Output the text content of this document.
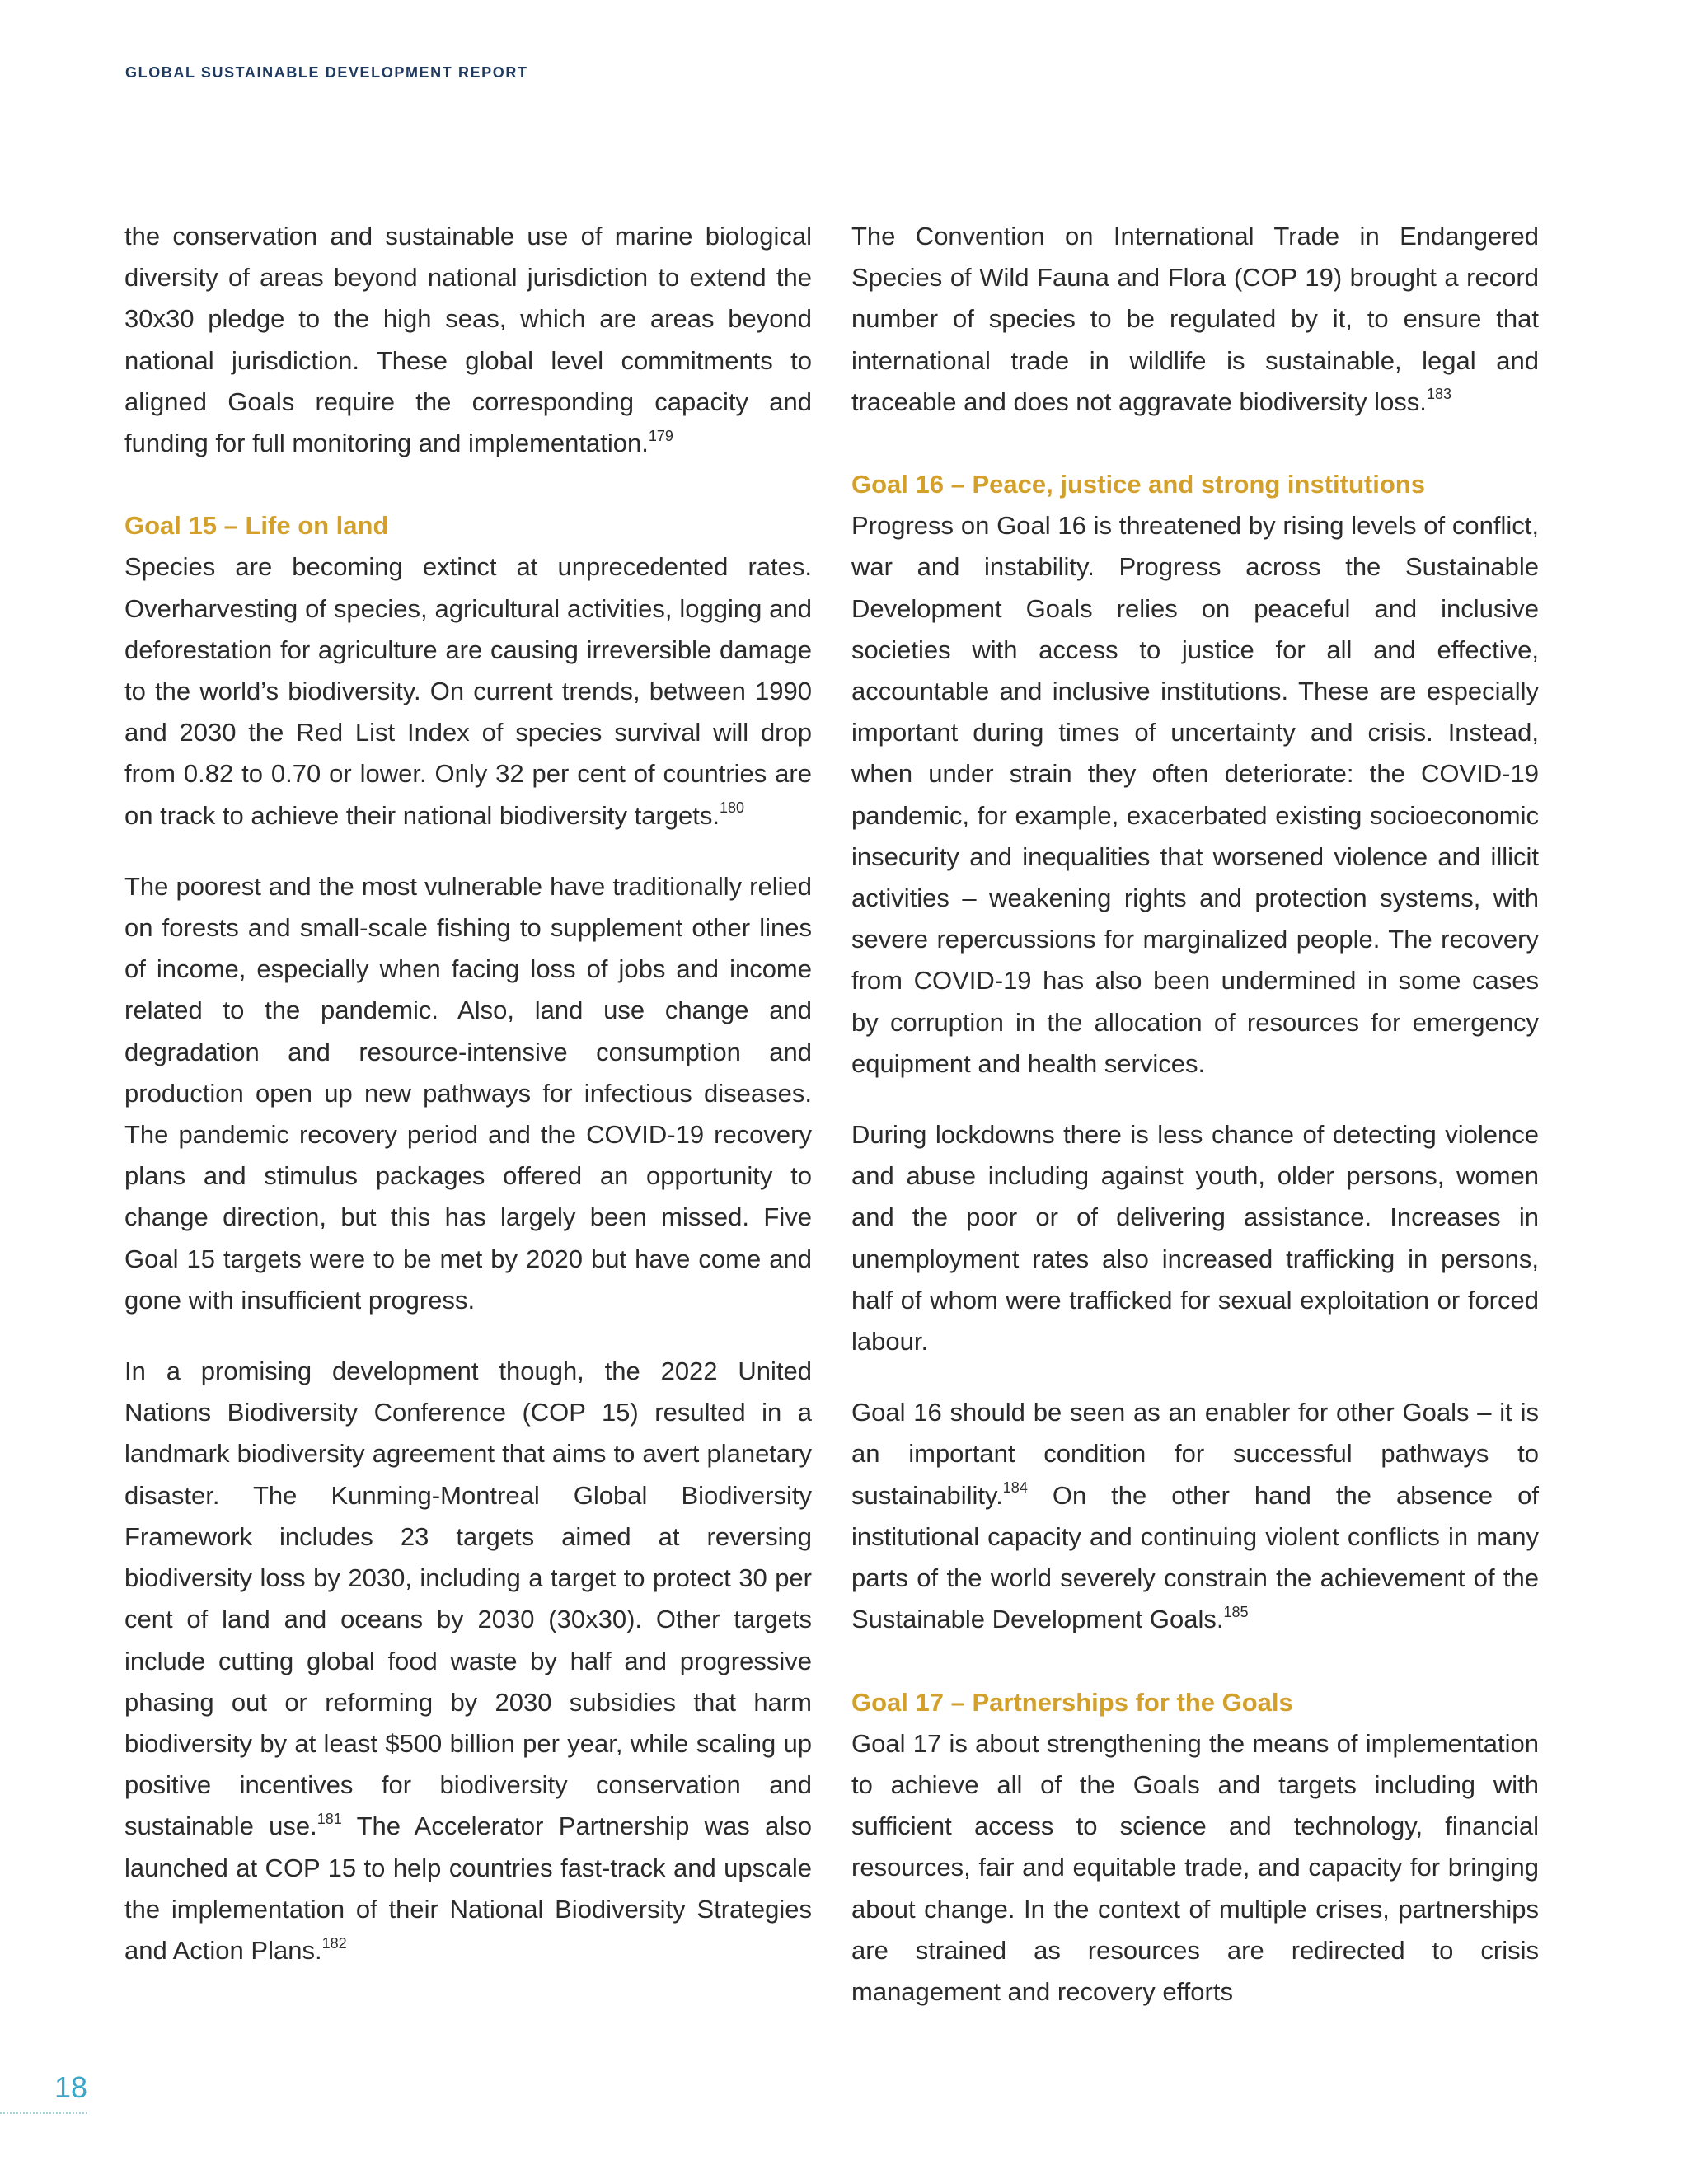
GLOBAL SUSTAINABLE DEVELOPMENT REPORT

the conservation and sustainable use of marine biological diversity of areas beyond national jurisdiction to extend the 30x30 pledge to the high seas, which are areas beyond national jurisdiction. These global level commitments to aligned Goals require the corresponding capacity and funding for full monitoring and implementation.$^{179}$

Goal 15 – Life on land

Species are becoming extinct at unprecedented rates. Overharvesting of species, agricultural activities, logging and deforestation for agriculture are causing irreversible damage to the world’s biodiversity. On current trends, between 1990 and 2030 the Red List Index of species survival will drop from 0.82 to 0.70 or lower. Only 32 per cent of countries are on track to achieve their national biodiversity targets.$^{180}$

The poorest and the most vulnerable have traditionally relied on forests and small-scale fishing to supplement other lines of income, especially when facing loss of jobs and income related to the pandemic. Also, land use change and degradation and resource-intensive consumption and production open up new pathways for infectious diseases. The pandemic recovery period and the COVID-19 recovery plans and stimulus packages offered an opportunity to change direction, but this has largely been missed. Five Goal 15 targets were to be met by 2020 but have come and gone with insufficient progress.

In a promising development though, the 2022 United Nations Biodiversity Conference (COP 15) resulted in a landmark biodiversity agreement that aims to avert planetary disaster. The Kunming-Montreal Global Biodiversity Framework includes 23 targets aimed at reversing biodiversity loss by 2030, including a target to protect 30 per cent of land and oceans by 2030 (30x30). Other targets include cutting global food waste by half and progressive phasing out or reforming by 2030 subsidies that harm biodiversity by at least $500 billion per year, while scaling up positive incentives for biodiversity conservation and sustainable use.$^{181}$ The Accelerator Partnership was also launched at COP 15 to help countries fast-track and upscale the implementation of their National Biodiversity Strategies and Action Plans.$^{182}$

The Convention on International Trade in Endangered Species of Wild Fauna and Flora (COP 19) brought a record number of species to be regulated by it, to ensure that international trade in wildlife is sustainable, legal and traceable and does not aggravate biodiversity loss.$^{183}$

Goal 16 – Peace, justice and strong institutions

Progress on Goal 16 is threatened by rising levels of conflict, war and instability. Progress across the Sustainable Development Goals relies on peaceful and inclusive societies with access to justice for all and effective, accountable and inclusive institutions. These are especially important during times of uncertainty and crisis. Instead, when under strain they often deteriorate: the COVID-19 pandemic, for example, exacerbated existing socioeconomic insecurity and inequalities that worsened violence and illicit activities – weakening rights and protection systems, with severe repercussions for marginalized people. The recovery from COVID-19 has also been undermined in some cases by corruption in the allocation of resources for emergency equipment and health services.

During lockdowns there is less chance of detecting violence and abuse including against youth, older persons, women and the poor or of delivering assistance. Increases in unemployment rates also increased trafficking in persons, half of whom were trafficked for sexual exploitation or forced labour.

Goal 16 should be seen as an enabler for other Goals – it is an important condition for successful pathways to sustainability.$^{184}$ On the other hand the absence of institutional capacity and continuing violent conflicts in many parts of the world severely constrain the achievement of the Sustainable Development Goals.$^{185}$

Goal 17 – Partnerships for the Goals

Goal 17 is about strengthening the means of implementation to achieve all of the Goals and targets including with sufficient access to science and technology, financial resources, fair and equitable trade, and capacity for bringing about change. In the context of multiple crises, partnerships are strained as resources are redirected to crisis management and recovery efforts

18
